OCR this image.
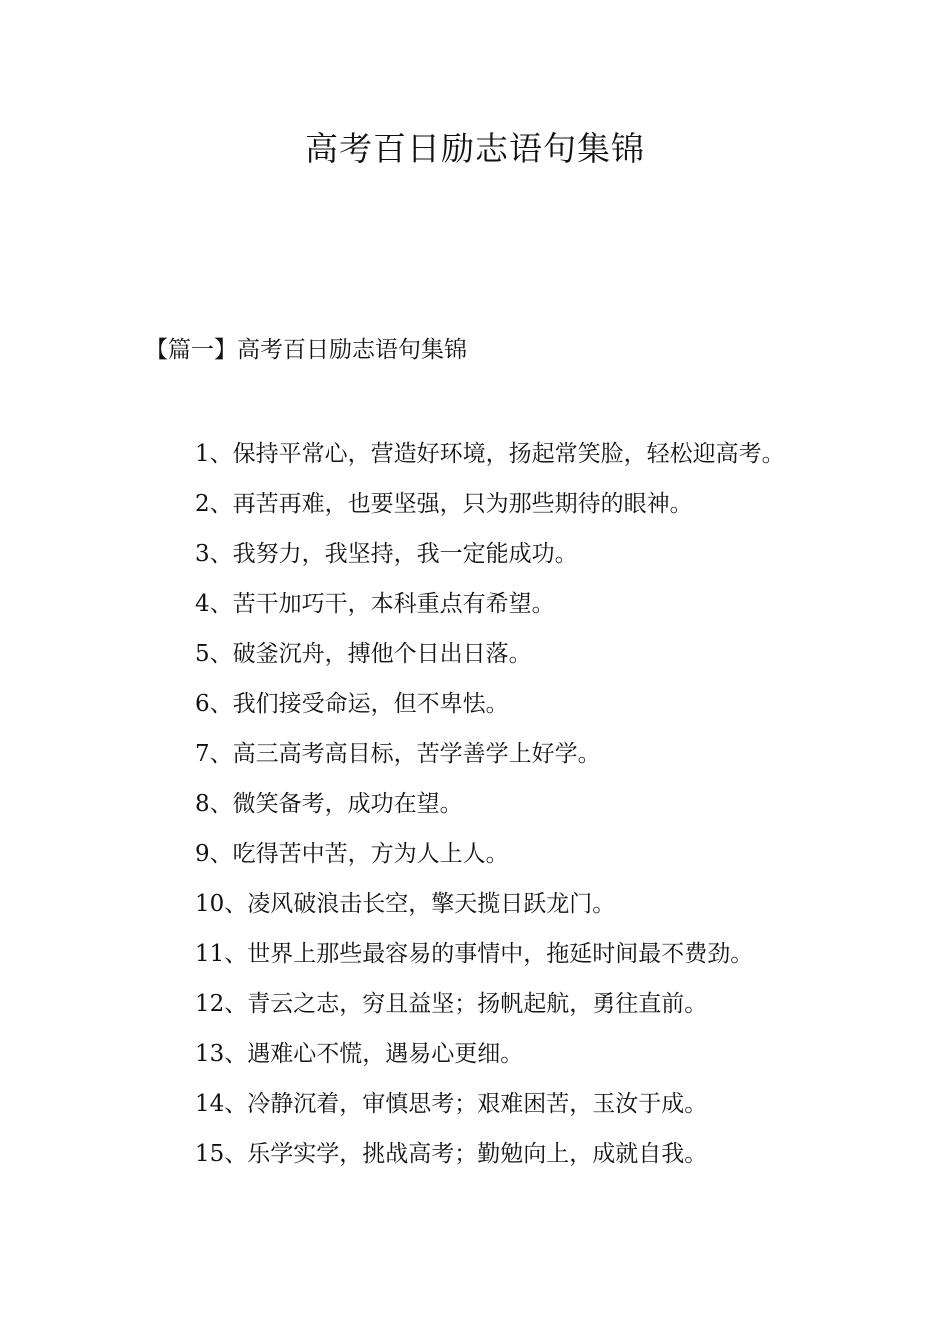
高考百日励志语句集锦
【篇一】高考百日励志语句集锦
1、保持平常心，营造好环境，扬起常笑脸，轻松迎高考。
2、再苦再难，也要坚强，只为那些期待的眼神。
3、我努力，我坚持，我一定能成功。
4、苦干加巧干，本科重点有希望。
5、破釜沉舟，搏他个日出日落。
6、我们接受命运，但不卑怯。
7、高三高考高目标，苦学善学上好学。
8、微笑备考，成功在望。
9、吃得苦中苦，方为人上人。
10、凌风破浪击长空，擎天揽日跃龙门。
11、世界上那些最容易的事情中，拖延时间最不费劲。
12、青云之志，穷且益坚；扬帆起航，勇往直前。
13、遇难心不慌，遇易心更细。
14、冷静沉着，审慎思考；艰难困苦，玉汝于成。
15、乐学实学，挑战高考；勤勉向上，成就自我。
